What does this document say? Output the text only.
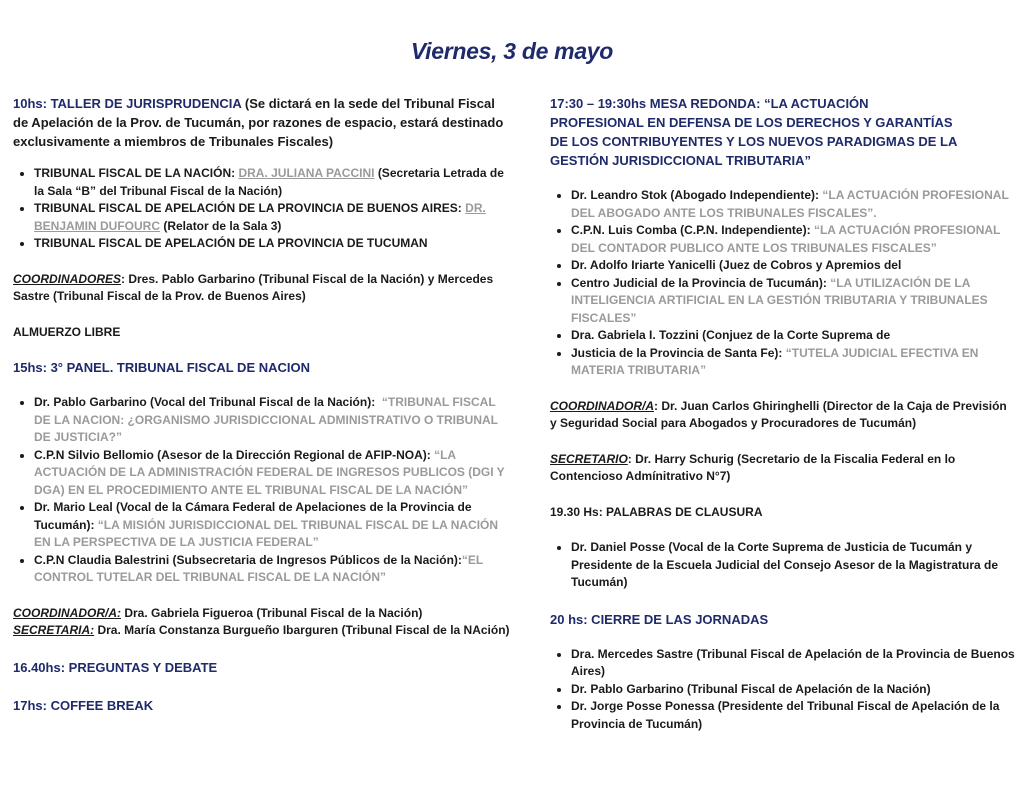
Viernes, 3 de mayo

10hs: TALLER DE JURISPRUDENCIA (Se dictará en la sede del Tribunal Fiscal de Apelación de la Prov. de Tucumán, por razones de espacio, estará destinado exclusivamente a miembros de Tribunales Fiscales)

• TRIBUNAL FISCAL DE LA NACIÓN: DRA. JULIANA PACCINI (Secretaria Letrada de la Sala “B” del Tribunal Fiscal de la Nación)
• TRIBUNAL FISCAL DE APELACIÓN DE LA PROVINCIA DE BUENOS AIRES: DR. BENJAMIN DUFOURC (Relator de la Sala 3)
• TRIBUNAL FISCAL DE APELACIÓN DE LA PROVINCIA DE TUCUMAN

COORDINADORES: Dres. Pablo Garbarino (Tribunal Fiscal de la Nación) y Mercedes Sastre (Tribunal Fiscal de la Prov. de Buenos Aires)

ALMUERZO LIBRE

15hs: 3° PANEL. TRIBUNAL FISCAL DE NACION

• Dr. Pablo Garbarino (Vocal del Tribunal Fiscal de la Nación): “TRIBUNAL FISCAL DE LA NACION: ¿ORGANISMO JURISDICCIONAL ADMINISTRATIVO O TRIBUNAL DE JUSTICIA?”
• C.P.N Silvio Bellomio (Asesor de la Dirección Regional de AFIP-NOA): “LA ACTUACIÓN DE LA ADMINISTRACIÓN FEDERAL DE INGRESOS PUBLICOS (DGI Y DGA) EN EL PROCEDIMIENTO ANTE EL TRIBUNAL FISCAL DE LA NACIÓN”
• Dr. Mario Leal (Vocal de la Cámara Federal de Apelaciones de la Provincia de Tucumán): “LA MISIÓN JURISDICCIONAL DEL TRIBUNAL FISCAL DE LA NACIÓN EN LA PERSPECTIVA DE LA JUSTICIA FEDERAL”
• C.P.N Claudia Balestrini (Subsecretaria de Ingresos Públicos de la Nación):“EL CONTROL TUTELAR DEL TRIBUNAL FISCAL DE LA NACIÓN”

COORDINADOR/A: Dra. Gabriela Figueroa (Tribunal Fiscal de la Nación)

SECRETARIA: Dra. María Constanza Burgueño Ibarguren (Tribunal Fiscal de la NAción)

16.40hs: PREGUNTAS Y DEBATE

17hs: COFFEE BREAK

17:30 – 19:30hs MESA REDONDA: “LA ACTUACIÓN PROFESIONAL EN DEFENSA DE LOS DERECHOS Y GARANTÍAS DE LOS CONTRIBUYENTES Y LOS NUEVOS PARADIGMAS DE LA GESTIÓN JURISDICCIONAL TRIBUTARIA”

• Dr. Leandro Stok (Abogado Independiente): “LA ACTUACIÓN PROFESIONAL DEL ABOGADO ANTE LOS TRIBUNALES FISCALES”.
• C.P.N. Luis Comba (C.P.N. Independiente): “LA ACTUACIÓN PROFESIONAL DEL CONTADOR PUBLICO ANTE LOS TRIBUNALES FISCALES”
• Dr. Adolfo Iriarte Yanicelli (Juez de Cobros y Apremios del
• Centro Judicial de la Provincia de Tucumán): “LA UTILIZACIÓN DE LA INTELIGENCIA ARTIFICIAL EN LA GESTIÓN TRIBUTARIA Y TRIBUNALES FISCALES”
• Dra. Gabriela I. Tozzini (Conjuez de la Corte Suprema de
• Justicia de la Provincia de Santa Fe): “TUTELA JUDICIAL EFECTIVA EN MATERIA TRIBUTARIA”

COORDINADOR/A: Dr. Juan Carlos Ghiringhelli (Director de la Caja de Previsión y Seguridad Social para Abogados y Procuradores de Tucumán)

SECRETARIO: Dr. Harry Schurig (Secretario de la Fiscalia Federal en lo Contencioso Admínitrativo N°7)

19.30 Hs: PALABRAS DE CLAUSURA

• Dr. Daniel Posse (Vocal de la Corte Suprema de Justicia de Tucumán y Presidente de la Escuela Judicial del Consejo Asesor de la Magistratura de Tucumán)

20 hs: CIERRE DE LAS JORNADAS

• Dra. Mercedes Sastre (Tribunal Fiscal de Apelación de la Provincia de Buenos Aires)
• Dr. Pablo Garbarino (Tribunal Fiscal de Apelación de la Nación)
• Dr. Jorge Posse Ponessa (Presidente del Tribunal Fiscal de Apelación de la Provincia de Tucumán)
